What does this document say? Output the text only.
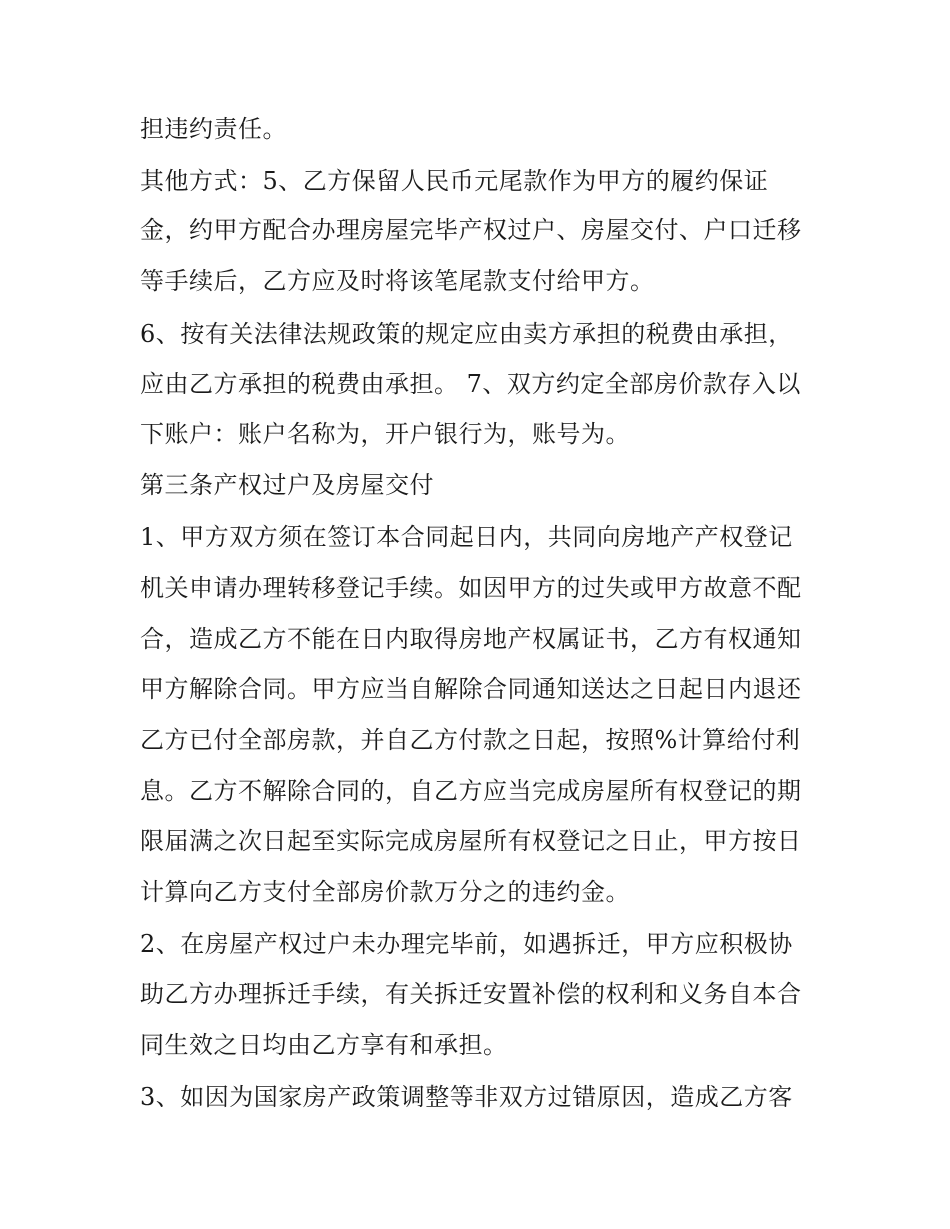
担违约责任。
其他方式：5、乙方保留人民币元尾款作为甲方的履约保证
金，约甲方配合办理房屋完毕产权过户、房屋交付、户口迁移
等手续后，乙方应及时将该笔尾款支付给甲方。
6、按有关法律法规政策的规定应由卖方承担的税费由承担，
应由乙方承担的税费由承担。 7、双方约定全部房价款存入以
下账户：账户名称为，开户银行为，账号为。
第三条产权过户及房屋交付
1、甲方双方须在签订本合同起日内，共同向房地产产权登记
机关申请办理转移登记手续。如因甲方的过失或甲方故意不配
合，造成乙方不能在日内取得房地产权属证书，乙方有权通知
甲方解除合同。甲方应当自解除合同通知送达之日起日内退还
乙方已付全部房款，并自乙方付款之日起，按照%计算给付利
息。乙方不解除合同的，自乙方应当完成房屋所有权登记的期
限届满之次日起至实际完成房屋所有权登记之日止，甲方按日
计算向乙方支付全部房价款万分之的违约金。
2、在房屋产权过户未办理完毕前，如遇拆迁，甲方应积极协
助乙方办理拆迁手续，有关拆迁安置补偿的权利和义务自本合
同生效之日均由乙方享有和承担。
3、如因为国家房产政策调整等非双方过错原因，造成乙方客
